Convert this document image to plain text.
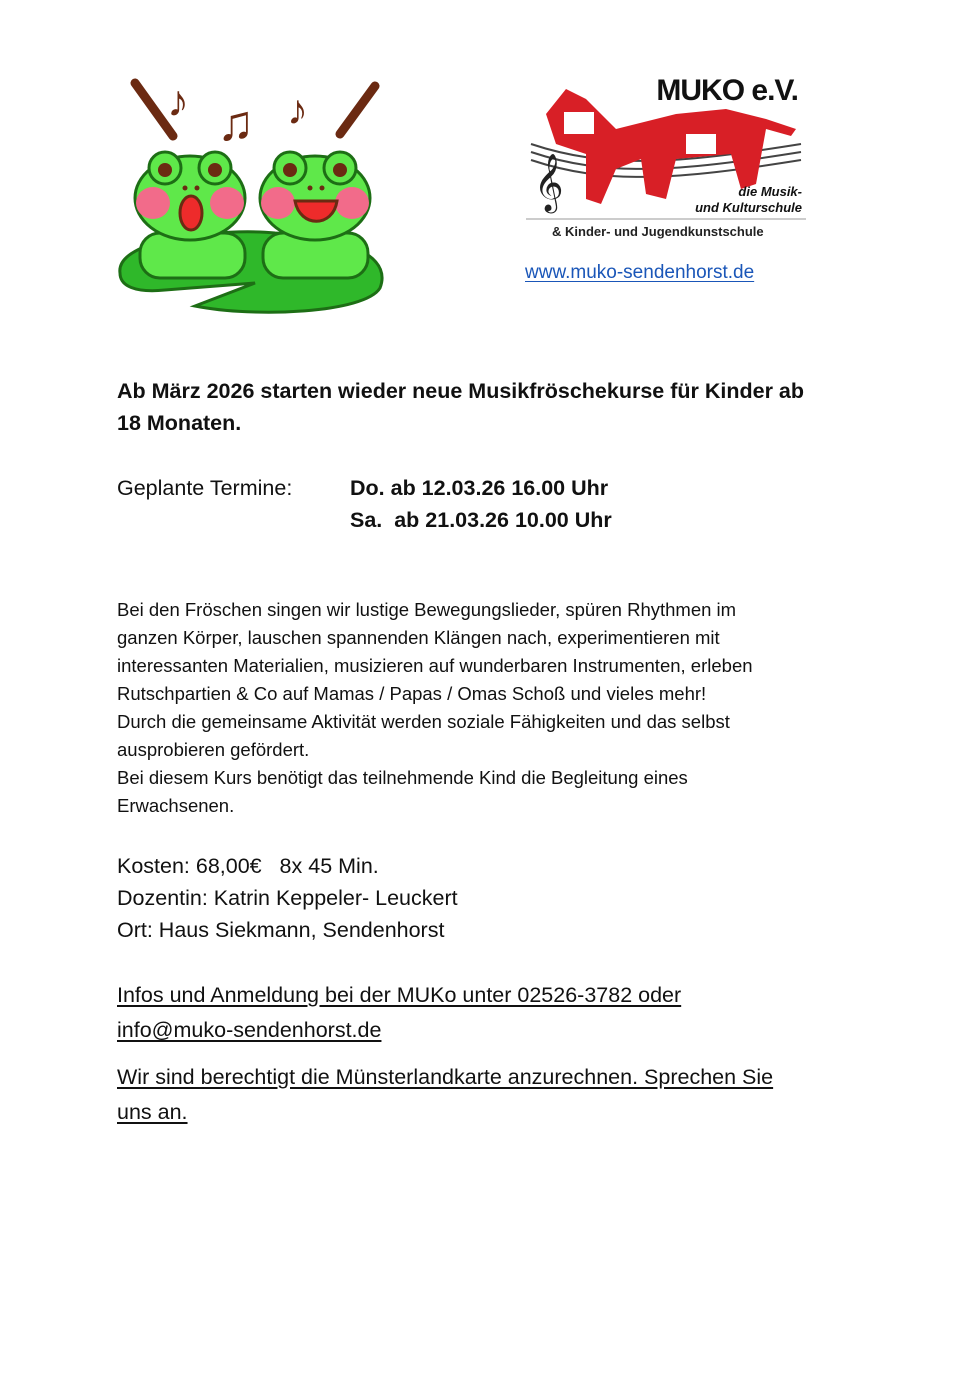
♪ ♫ ♪
𝄞
MUKO e.V.
die Musik-
und Kulturschule
& Kinder- und Jugendkunstschule
www.muko-sendenhorst.de
Ab März 2026 starten wieder neue Musikfröschekurse für Kinder ab
18 Monaten.
Geplante Termine:	Do. ab 12.03.26 16.00 Uhr
Sa.  ab 21.03.26 10.00 Uhr
Bei den Fröschen singen wir lustige Bewegungslieder, spüren Rhythmen im
ganzen Körper, lauschen spannenden Klängen nach, experimentieren mit
interessanten Materialien, musizieren auf wunderbaren Instrumenten, erleben
Rutschpartien & Co auf Mamas / Papas / Omas Schoß und vieles mehr!
Durch die gemeinsame Aktivität werden soziale Fähigkeiten und das selbst
ausprobieren gefördert.
Bei diesem Kurs benötigt das teilnehmende Kind die Begleitung eines
Erwachsenen.
Kosten: 68,00€   8x 45 Min.
Dozentin: Katrin Keppeler- Leuckert
Ort: Haus Siekmann, Sendenhorst
Infos und Anmeldung bei der MUKo unter 02526-3782 oder
info@muko-sendenhorst.de
Wir sind berechtigt die Münsterlandkarte anzurechnen. Sprechen Sie
uns an.
